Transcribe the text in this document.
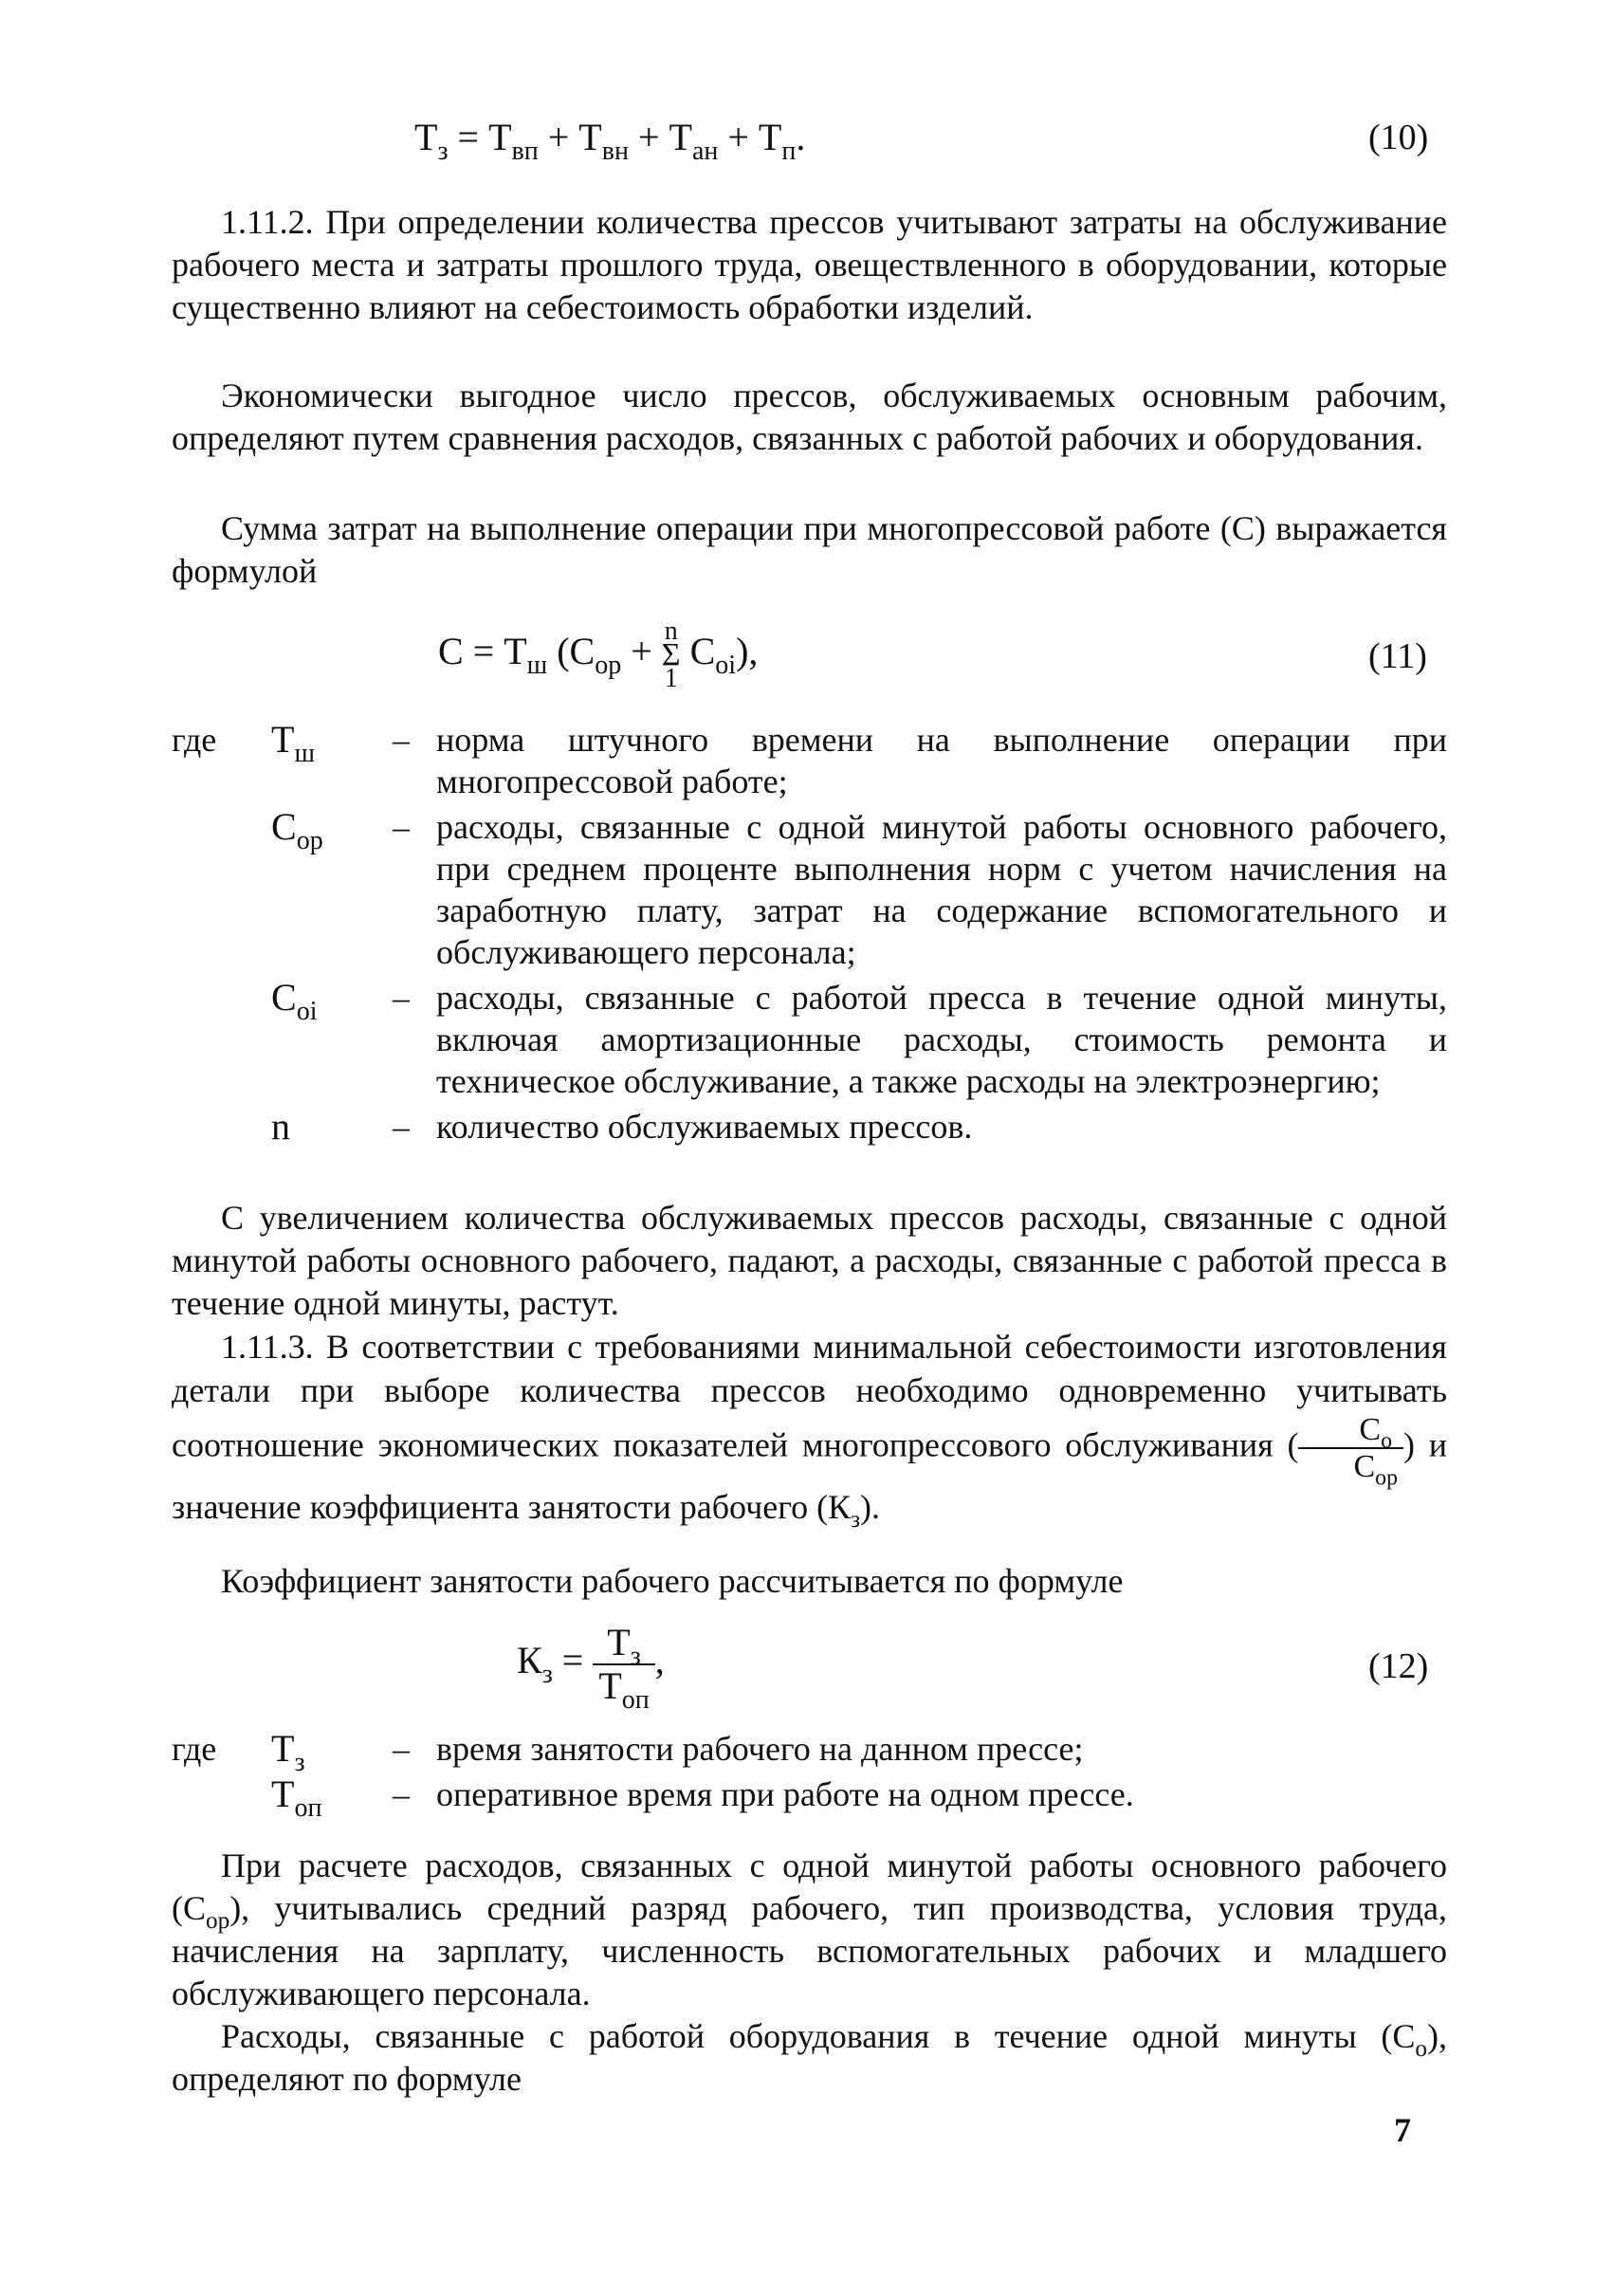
$T_з = T_{вп} + T_{вн} + T_{ан} + T_п$.	(10)

1.11.2. При определении количества прессов учитывают затраты на обслуживание рабочего места и затраты прошлого труда, овеществленного в оборудовании, которые существенно влияют на себестоимость обработки изделий.

Экономически выгодное число прессов, обслуживаемых основным рабочим, определяют путем сравнения расходов, связанных с работой рабочих и оборудования.

Сумма затрат на выполнение операции при многопрессовой работе (С) выражается формулой

$С = Т_ш$ ($С_{ор} + n$
Σ
1
$С_{oi}$),	(11)
где	$Т_ш$	– норма штучного времени на выполнение операции при многопрессовой работе;
$С_{ор}$	– расходы, связанные с одной минутой работы основного рабочего, при среднем проценте выполнения норм с учетом начисления на заработную плату, затрат на содержание вспомогательного и обслуживающего персонала;
$С_{oi}$	– расходы, связанные с работой пресса в течение одной минуты, включая амортизационные расходы, стоимость ремонта и техническое обслуживание, а также расходы на электроэнергию;
n	– количество обслуживаемых прессов.

С увеличением количества обслуживаемых прессов расходы, связанные с одной минутой работы основного рабочего, падают, а расходы, связанные с работой пресса в течение одной минуты, растут.

1.11.3. В соответствии с требованиями минимальной себестоимости изготовления детали при выборе количества прессов необходимо одновременно учитывать соотношение экономических показателей многопрессового обслуживания ( $\frac{С_o}{С_{ор}}$ ) и значение коэффициента занятости рабочего $(К_з)$.

Коэффициент занятости рабочего рассчитывается по формуле

$К_з = \frac{Т_з}{Т_{оп}}$ ,	(12)
где	$Т_з$	– время занятости рабочего на данном прессе;
$Т_{оп}$	– оперативное время при работе на одном прессе.

При расчете расходов, связанных с одной минутой работы основного рабочего $(С_{ор})$, учитывались средний разряд рабочего, тип производства, условия труда, начисления на зарплату, численность вспомогательных рабочих и младшего обслуживающего персонала.

Расходы, связанные с работой оборудования в течение одной минуты $(С_о)$, определяют по формуле

7
